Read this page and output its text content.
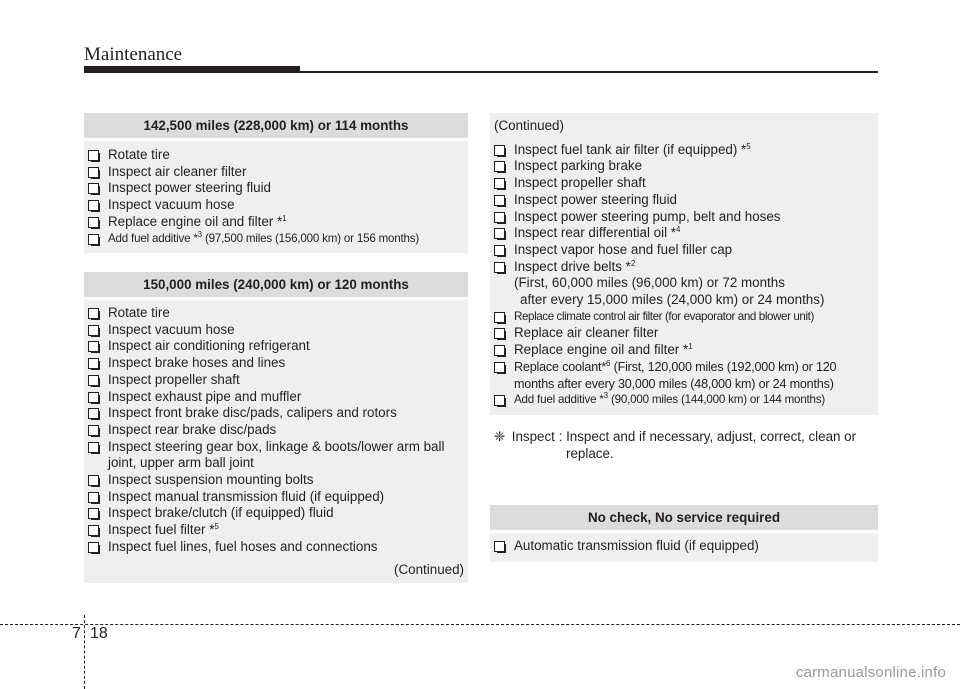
Maintenance
142,500 miles (228,000 km) or 114 months
Rotate tire
Inspect air cleaner filter
Inspect power steering fluid
Inspect vacuum hose
Replace engine oil and filter *$^1$
Add fuel additive *$^3$ (97,500 miles (156,000 km) or 156 months)
150,000 miles (240,000 km) or 120 months
Rotate tire
Inspect vacuum hose
Inspect air conditioning refrigerant
Inspect brake hoses and lines
Inspect propeller shaft
Inspect exhaust pipe and muffler
Inspect front brake disc/pads, calipers and rotors
Inspect rear brake disc/pads
Inspect steering gear box, linkage & boots/lower arm ball
joint, upper arm ball joint
Inspect suspension mounting bolts
Inspect manual transmission fluid (if equipped)
Inspect brake/clutch (if equipped) fluid
Inspect fuel filter *$^5$
Inspect fuel lines, fuel hoses and connections
(Continued)
(Continued)
Inspect fuel tank air filter (if equipped) *$^5$
Inspect parking brake
Inspect propeller shaft
Inspect power steering fluid
Inspect power steering pump, belt and hoses
Inspect rear differential oil *$^4$
Inspect vapor hose and fuel filler cap
Inspect drive belts *$^2$
(First, 60,000 miles (96,000 km) or 72 months
after every 15,000 miles (24,000 km) or 24 months)
Replace climate control air filter (for evaporator and blower unit)
Replace air cleaner filter
Replace engine oil and filter *$^1$
Replace coolant*$^6$ (First, 120,000 miles (192,000 km) or 120
months after every 30,000 miles (48,000 km) or 24 months)
Add fuel additive *$^3$ (90,000 miles (144,000 km) or 144 months)
❈ Inspect : Inspect and if necessary, adjust, correct, clean or
replace.
No check, No service required
Automatic transmission fluid (if equipped)
7 18
carmanualsonline.info
